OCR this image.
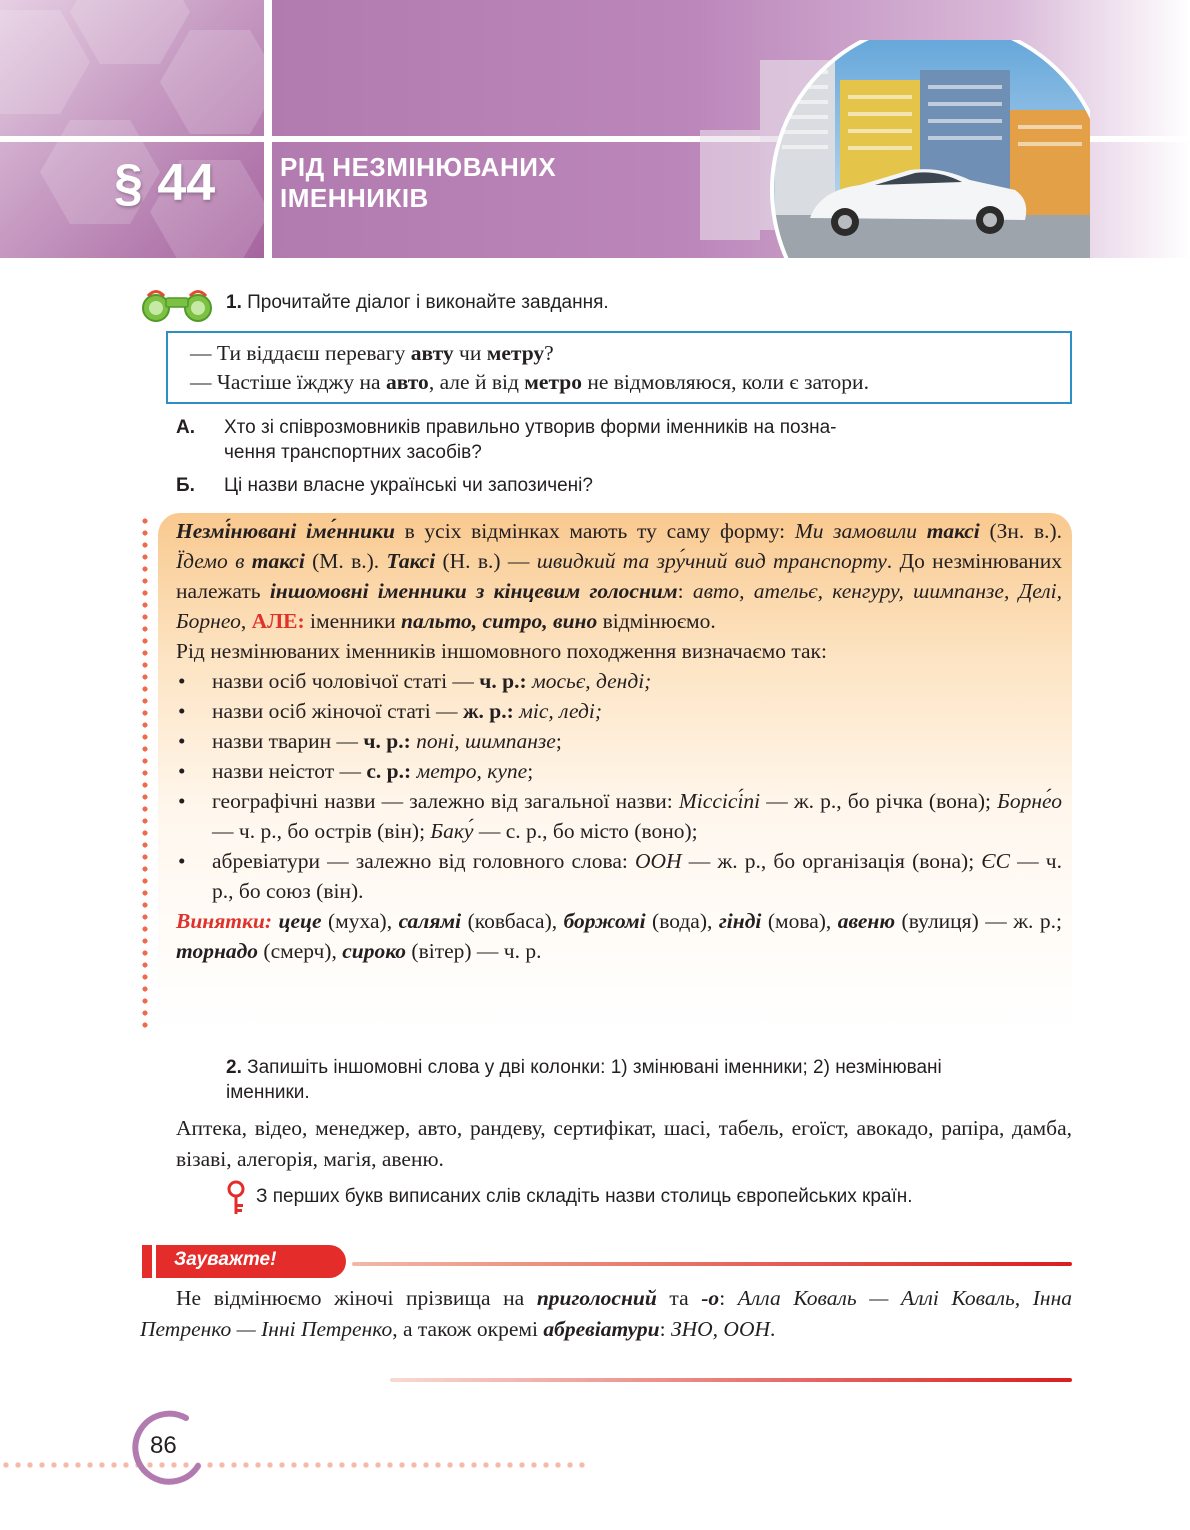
§ 44	РІД НЕЗМІНЮВАНИХ
ІМЕННИКІВ
1. Прочитайте діалог і виконайте завдання.
— Ти віддаєш перевагу авту чи метру?
— Частіше їжджу на авто, але й від метро не відмовляюся, коли є затори.
А. Хто зі співрозмовників правильно утворив форми іменників на позна-
чення транспортних засобів?
Б. Ці назви власне українські чи запозичені?

Незмі́нювані іме́нники в усіх відмінках мають ту саму форму: Ми замовили таксі (Зн. в.). Їдемо в таксі (М. в.). Таксі (Н. в.) — швидкий та зру́чний вид транспорту. До незмінюваних належать іншомовні іменники з кінцевим голосним: авто, ательє, кенгуру, шимпанзе, Делі, Борнео, АЛЕ: іменники пальто, ситро, вино відмінюємо.

Рід незмінюваних іменників іншомовного походження визначаємо так:

• назви осіб чоловічої статі — ч. р.: мосьє, денді;
• назви осіб жіночої статі — ж. р.: міс, леді;
• назви тварин — ч. р.: поні, шимпанзе;
• назви неістот — с. р.: метро, купе;
• географічні назви — залежно від загальної назви: Міссісі́пі — ж. р., бо річка (вона); Борне́о — ч. р., бо острів (він); Баку́ — с. р., бо місто (воно);
• абревіатури — залежно від головного слова: ООН — ж. р., бо організація (вона); ЄС — ч. р., бо союз (він).

Винятки: цеце (муха), салямі (ковбаса), боржомі (вода), гінді (мова), авеню (вулиця) — ж. р.; торнадо (смерч), сироко (вітер) — ч. р.

2. Запишіть іншомовні слова у дві колонки: 1) змінювані іменники; 2) незмінювані іменники.
Аптека, відео, менеджер, авто, рандеву, сертифікат, шасі, табель, егоїст, авокадо, рапіра, дамба, візаві, алегорія, магія, авеню.
З перших букв виписаних слів складіть назви столиць європейських країн.
Зауважте!
Не відмінюємо жіночі прізвища на приголосний та -о: Алла Коваль — Аллі Коваль, Інна Петренко — Інні Петренко, а також окремі абревіатури: ЗНО, ООН.
86
